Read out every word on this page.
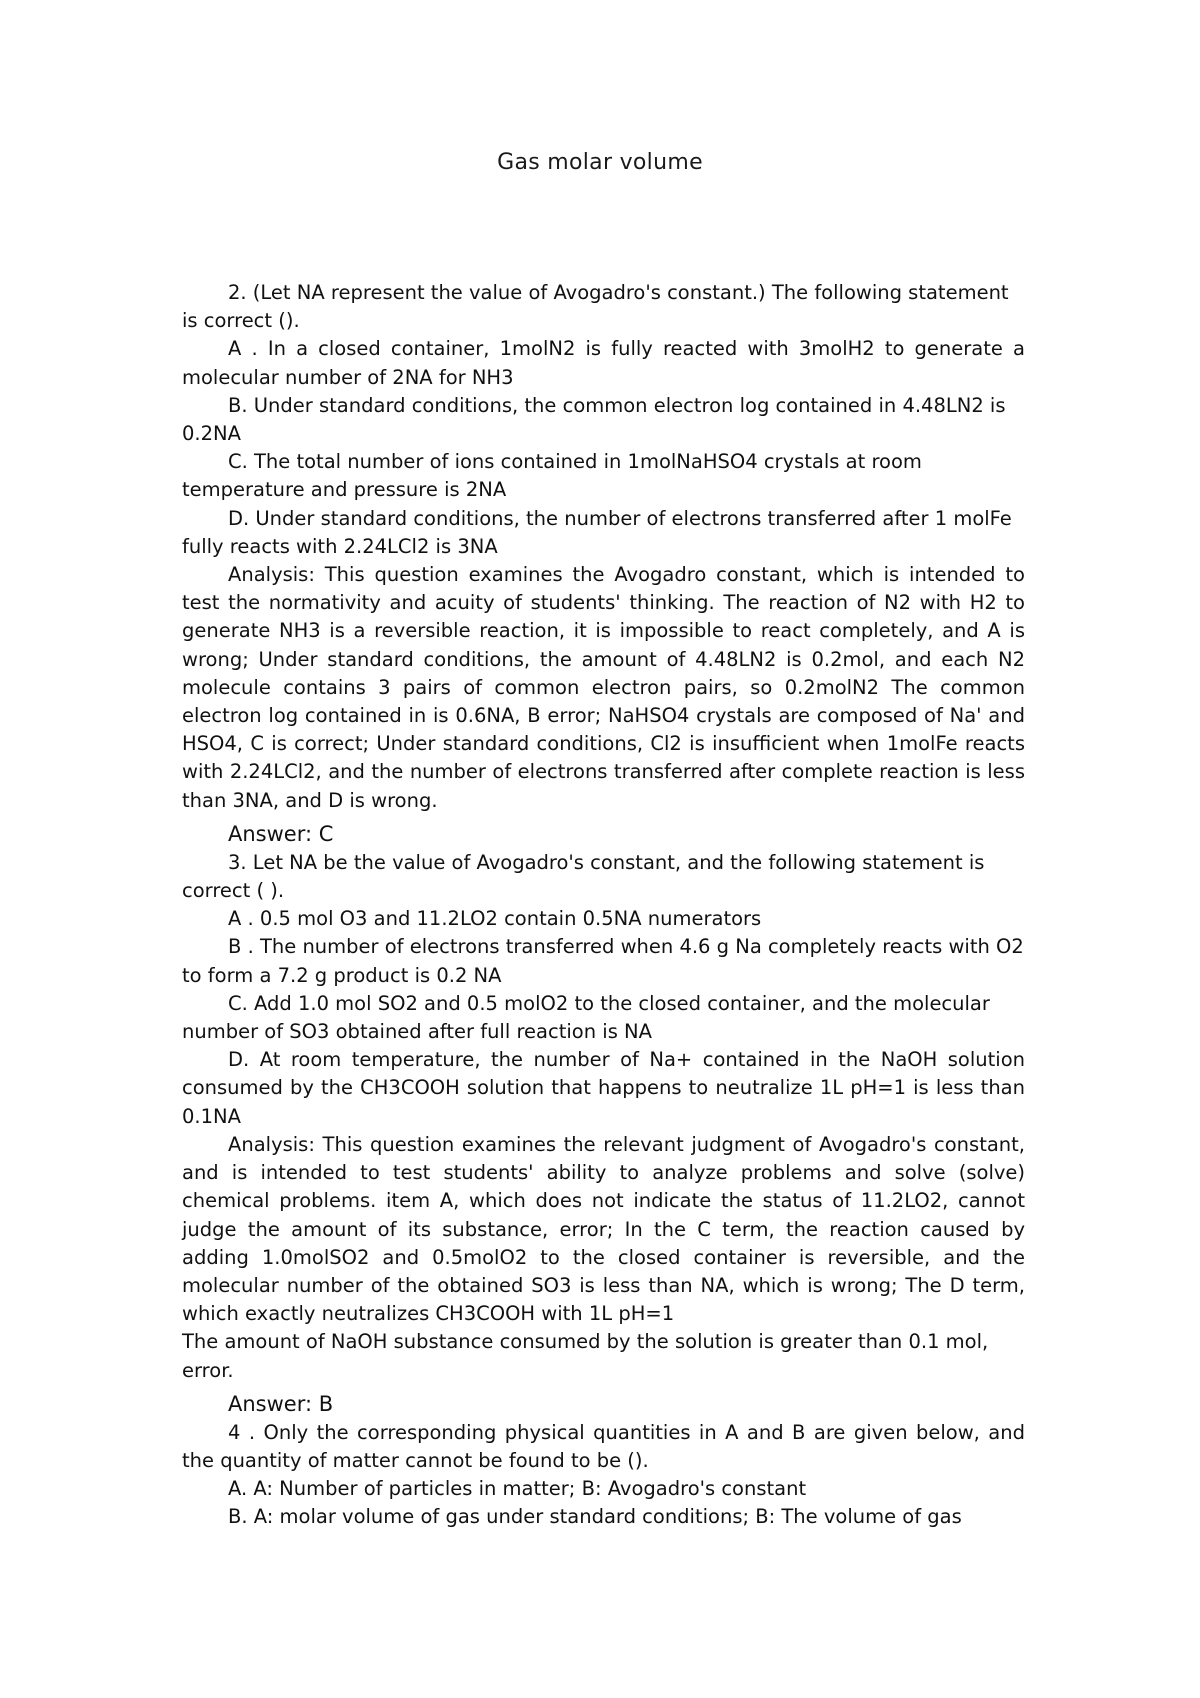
Gas molar volume

2. (Let NA represent the value of Avogadro's constant.) The following statement is correct ().

A . In a closed container, 1molN2 is fully reacted with 3molH2 to generate a molecular number of 2NA for NH3

B. Under standard conditions, the common electron log contained in 4.48LN2 is 0.2NA

C. The total number of ions contained in 1molNaHSO4 crystals at room temperature and pressure is 2NA

D. Under standard conditions, the number of electrons transferred after 1 molFe fully reacts with 2.24LCl2 is 3NA

Analysis: This question examines the Avogadro constant, which is intended to test the normativity and acuity of students' thinking. The reaction of N2 with H2 to generate NH3 is a reversible reaction, it is impossible to react completely, and A is wrong; Under standard conditions, the amount of 4.48LN2 is 0.2mol, and each N2 molecule contains 3 pairs of common electron pairs, so 0.2molN2 The common electron log contained in is 0.6NA, B error; NaHSO4 crystals are composed of Na' and HSO4, C is correct; Under standard conditions, Cl2 is insufficient when 1molFe reacts with 2.24LCl2, and the number of electrons transferred after complete reaction is less than 3NA, and D is wrong.

Answer: C

3. Let NA be the value of Avogadro's constant, and the following statement is correct ( ).

A . 0.5 mol O3 and 11.2LO2 contain 0.5NA numerators

B . The number of electrons transferred when 4.6 g Na completely reacts with O2 to form a 7.2 g product is 0.2 NA

C. Add 1.0 mol SO2 and 0.5 molO2 to the closed container, and the molecular number of SO3 obtained after full reaction is NA

D. At room temperature, the number of Na+ contained in the NaOH solution consumed by the CH3COOH solution that happens to neutralize 1L pH=1 is less than 0.1NA

Analysis: This question examines the relevant judgment of Avogadro's constant, and is intended to test students' ability to analyze problems and solve (solve) chemical problems. item A, which does not indicate the status of 11.2LO2, cannot judge the amount of its substance, error; In the C term, the reaction caused by adding 1.0molSO2 and 0.5molO2 to the closed container is reversible, and the molecular number of the obtained SO3 is less than NA, which is wrong; The D term, which exactly neutralizes CH3COOH with 1L pH=1

The amount of NaOH substance consumed by the solution is greater than 0.1 mol, error.

Answer: B

4 . Only the corresponding physical quantities in A and B are given below, and the quantity of matter cannot be found to be ().

A. A: Number of particles in matter; B: Avogadro's constant

B. A: molar volume of gas under standard conditions; B: The volume of gas
